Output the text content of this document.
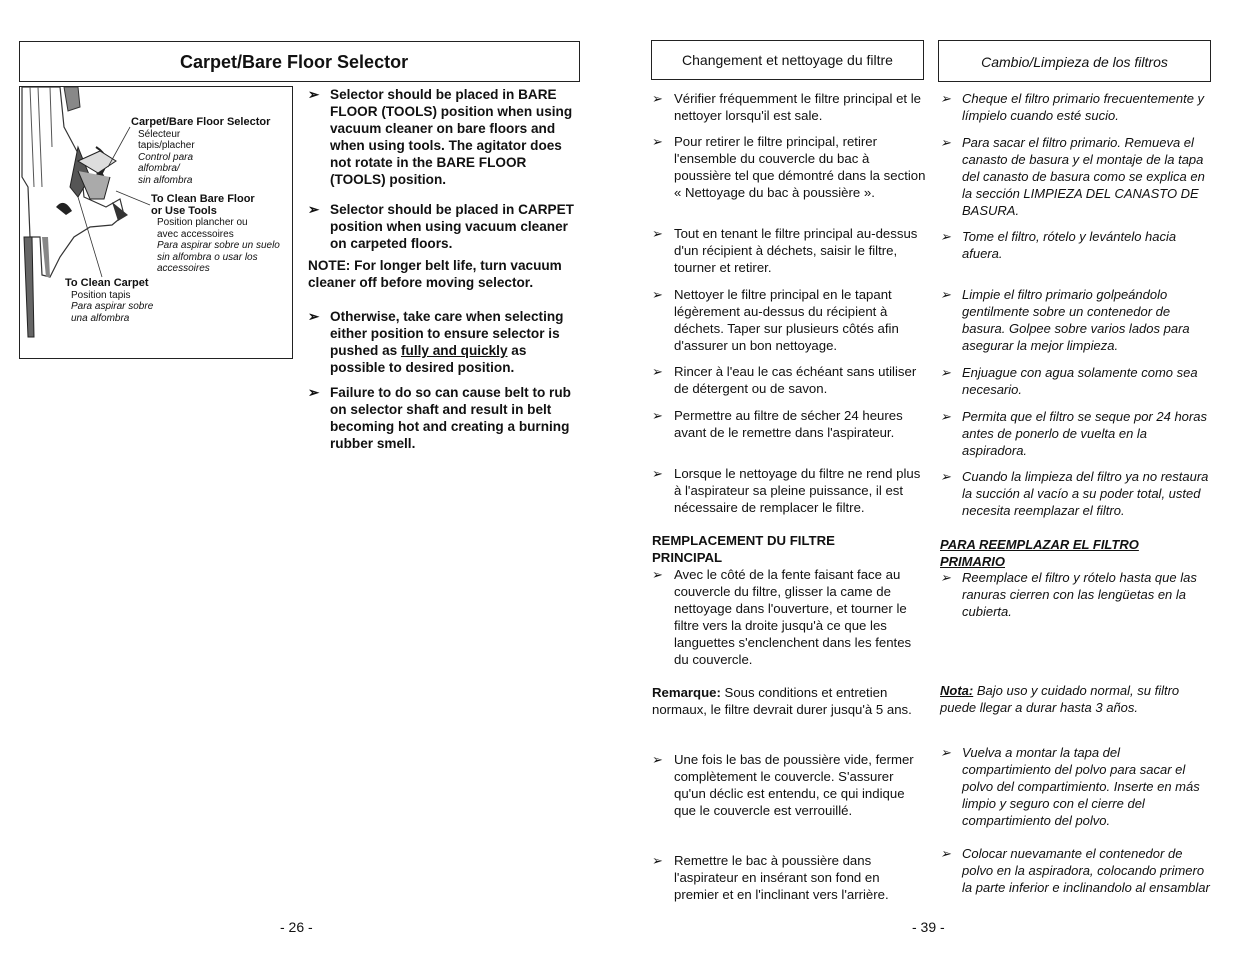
Carpet/Bare Floor Selector
Carpet/Bare Floor Selector
Sélecteur
tapis/placher
Control para
alfombra/
sin alfombra
To Clean Bare Floor
or Use Tools
Position plancher ou
avec accessoires
Para aspirar sobre un suelo
sin alfombra o usar los
accessoires
To Clean Carpet
Position tapis
Para aspirar sobre
una alfombra
➢ Selector should be placed in BARE FLOOR (TOOLS) position when using vacuum cleaner on bare floors and when using tools. The agitator does not rotate in the BARE FLOOR (TOOLS) position.
➢ Selector should be placed in CARPET position when using vacuum cleaner on carpeted floors.
NOTE: For longer belt life, turn vacuum cleaner off before moving selector.
➢ Otherwise, take care when selecting either position to ensure selector is pushed as fully and quickly as possible to desired position.
➢ Failure to do so can cause belt to rub on selector shaft and result in belt becoming hot and creating a burning rubber smell.
- 26 -
Changement et nettoyage du filtre
➢ Vérifier fréquemment le filtre principal et le nettoyer lorsqu'il est sale.
➢ Pour retirer le filtre principal, retirer l'ensemble du couvercle du bac à poussière tel que démontré dans la section « Nettoyage du bac à poussière ».
➢ Tout en tenant le filtre principal au-dessus d'un récipient à déchets, saisir le filtre, tourner et retirer.
➢ Nettoyer le filtre principal en le tapant légèrement au-dessus du récipient à déchets. Taper sur plusieurs côtés afin d'assurer un bon nettoyage.
➢ Rincer à l'eau le cas échéant sans utiliser de détergent ou de savon.
➢ Permettre au filtre de sécher 24 heures avant de le remettre dans l'aspirateur.
➢ Lorsque le nettoyage du filtre ne rend plus à l'aspirateur sa pleine puissance, il est nécessaire de remplacer le filtre.
REMPLACEMENT DU FILTRE PRINCIPAL
➢ Avec le côté de la fente faisant face au couvercle du filtre, glisser la came de nettoyage dans l'ouverture, et tourner le filtre vers la droite jusqu'à ce que les languettes s'enclenchent dans les fentes du couvercle.
Remarque: Sous conditions et entretien normaux, le filtre devrait durer jusqu'à 5 ans.
➢ Une fois le bas de poussière vide, fermer complètement le couvercle. S'assurer qu'un déclic est entendu, ce qui indique que le couvercle est verrouillé.
➢ Remettre le bac à poussière dans l'aspirateur en insérant son fond en premier et en l'inclinant vers l'arrière.
Cambio/Limpieza de los filtros
➢ Cheque el filtro primario frecuentemente y límpielo cuando esté sucio.
➢ Para sacar el filtro primario. Remueva el canasto de basura y el montaje de la tapa del canasto de basura como se explica en la sección LIMPIEZA DEL CANASTO DE BASURA.
➢ Tome el filtro, rótelo y levántelo hacia afuera.
➢ Limpie el filtro primario golpeándolo gentilmente sobre un contenedor de basura. Golpee sobre varios lados para asegurar la mejor limpieza.
➢ Enjuague con agua solamente como sea necesario.
➢ Permita que el filtro se seque por 24 horas antes de ponerlo de vuelta en la aspiradora.
➢ Cuando la limpieza del filtro ya no restaura la succión al vacío a su poder total, usted necesita reemplazar el filtro.
PARA REEMPLAZAR EL FILTRO PRIMARIO
➢ Reemplace el filtro y rótelo hasta que las ranuras cierren con las lengüetas en la cubierta.
Nota: Bajo uso y cuidado normal, su filtro puede llegar a durar hasta 3 años.
➢ Vuelva a montar la tapa del compartimiento del polvo para sacar el polvo del compartimiento. Inserte en más limpio y seguro con el cierre del compartimiento del polvo.
➢ Colocar nuevamante el contenedor de polvo en la aspiradora, colocando primero la parte inferior e inclinandolo al ensamblar
- 39 -
